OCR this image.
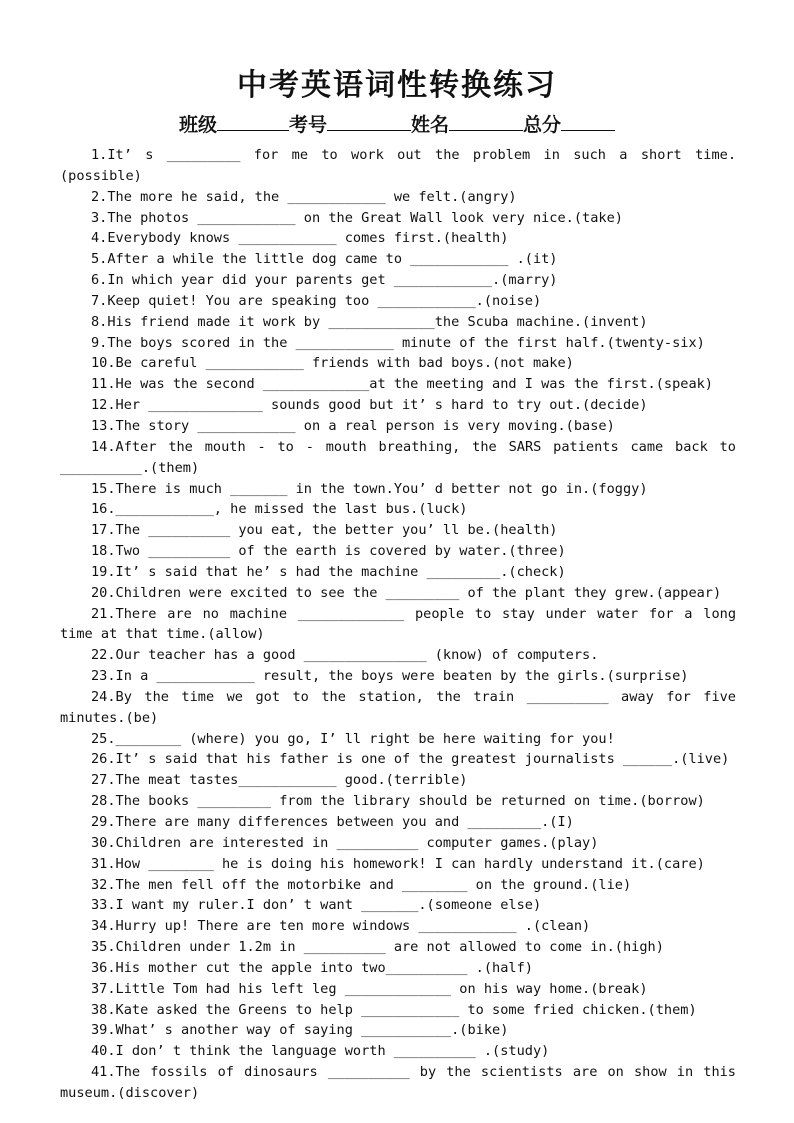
中考英语词性转换练习
班级	考号	姓名	总分

1.It’ s _________ for me to work out the problem in such a short time.(possible)

2.The more he said, the ____________ we felt.(angry)

3.The photos ____________ on the Great Wall look very nice.(take)

4.Everybody knows ____________ comes first.(health)

5.After a while the little dog came to ____________ .(it)

6.In which year did your parents get ____________.(marry)

7.Keep quiet! You are speaking too ____________.(noise)

8.His friend made it work by _____________the Scuba machine.(invent)

9.The boys scored in the ____________ minute of the first half.(twenty-six)

10.Be careful ____________ friends with bad boys.(not make)

11.He was the second _____________at the meeting and I was the first.(speak)

12.Her ______________ sounds good but it’ s hard to try out.(decide)

13.The story ____________ on a real person is very moving.(base)

14.After the mouth - to - mouth breathing, the SARS patients came back to __________.(them)

15.There is much _______ in the town.You’ d better not go in.(foggy)

16.____________, he missed the last bus.(luck)

17.The __________ you eat, the better you’ ll be.(health)

18.Two __________ of the earth is covered by water.(three)

19.It’ s said that he’ s had the machine _________.(check)

20.Children were excited to see the _________ of the plant they grew.(appear)

21.There are no machine _____________ people to stay under water for a long time at that time.(allow)

22.Our teacher has a good _______________ (know) of computers.

23.In a ____________ result, the boys were beaten by the girls.(surprise)

24.By the time we got to the station, the train __________ away for five minutes.(be)

25.________ (where) you go, I’ ll right be here waiting for you!

26.It’ s said that his father is one of the greatest journalists ______.(live)

27.The meat tastes____________ good.(terrible)

28.The books _________ from the library should be returned on time.(borrow)

29.There are many differences between you and _________.(I)

30.Children are interested in __________ computer games.(play)

31.How ________ he is doing his homework! I can hardly understand it.(care)

32.The men fell off the motorbike and ________ on the ground.(lie)

33.I want my ruler.I don’ t want _______.(someone else)

34.Hurry up! There are ten more windows ____________ .(clean)

35.Children under 1.2m in __________ are not allowed to come in.(high)

36.His mother cut the apple into two__________ .(half)

37.Little Tom had his left leg _____________ on his way home.(break)

38.Kate asked the Greens to help ____________ to some fried chicken.(them)

39.What’ s another way of saying ___________.(bike)

40.I don’ t think the language worth __________ .(study)

41.The fossils of dinosaurs __________ by the scientists are on show in this museum.(discover)
